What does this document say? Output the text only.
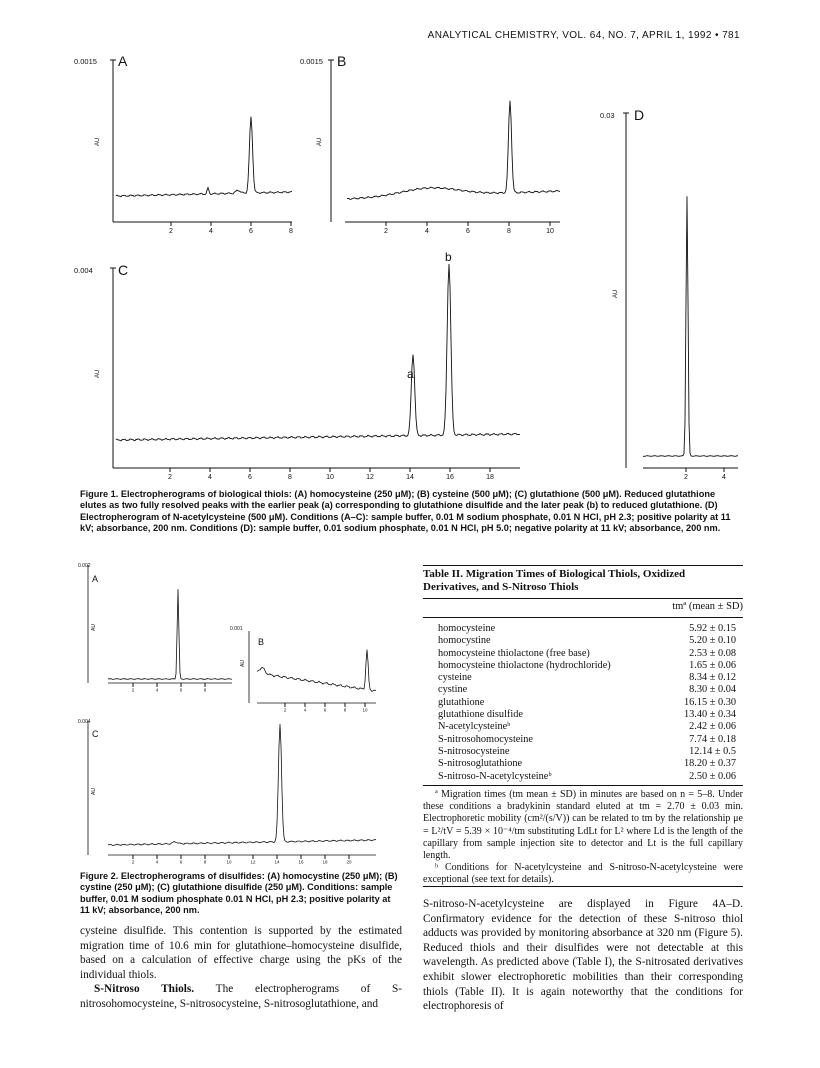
ANALYTICAL CHEMISTRY, VOL. 64, NO. 7, APRIL 1, 1992 • 781
0.0015 A
AU
2	4	6	8
0.0015 B
AU
2	4	6	8	10
0.004 C
AU
2	4	6	8	10	12	14	16	18
a
b
0.03 D
AU
2	4
Figure 1. Electropherograms of biological thiols: (A) homocysteine (250 μM); (B) cysteine (500 μM); (C) glutathione (500 μM). Reduced glutathione elutes as two fully resolved peaks with the earlier peak (a) corresponding to glutathione disulfide and the later peak (b) to reduced glutathione. (D) Electropherogram of N-acetylcysteine (500 μM). Conditions (A–C): sample buffer, 0.01 M sodium phosphate, 0.01 N HCl, pH 2.3; positive polarity at 11 kV; absorbance, 200 nm. Conditions (D): sample buffer, 0.01 sodium phosphate, 0.01 N HCl, pH 5.0; negative polarity at 11 kV; absorbance, 200 nm.
0.002
A
AU
2	4	6	8
0.001
B
AU
2	4	6	8	10
0.004
C
AU
2	4	6	8	10	12	14	16	18	20
Figure 2. Electropherograms of disulfides: (A) homocystine (250 μM); (B) cystine (250 μM); (C) glutathione disulfide (250 μM). Conditions: sample buffer, 0.01 M sodium phosphate 0.01 N HCl, pH 2.3; positive polarity at 11 kV; absorbance, 200 nm.
cysteine disulfide. This contention is supported by the estimated migration time of 10.6 min for glutathione–homocysteine disulfide, based on a calculation of effective charge using the pKs of the individual thiols.
S-Nitroso Thiols. The electropherograms of S-nitrosohomocysteine, S-nitrosocysteine, S-nitrosoglutathione, and
Table II. Migration Times of Biological Thiols, Oxidized Derivatives, and S-Nitroso Thiols
tmª (mean ± SD)
homocysteine	5.92 ± 0.15
homocystine	5.20 ± 0.10
homocysteine thiolactone (free base)	2.53 ± 0.08
homocysteine thiolactone (hydrochloride)	1.65 ± 0.06
cysteine	8.34 ± 0.12
cystine	8.30 ± 0.04
glutathione	16.15 ± 0.30
glutathione disulfide	13.40 ± 0.34
N-acetylcysteineᵇ	2.42 ± 0.06
S-nitrosohomocysteine	7.74 ± 0.18
S-nitrosocysteine	12.14 ± 0.5
S-nitrosoglutathione	18.20 ± 0.37
S-nitroso-N-acetylcysteineᵇ	2.50 ± 0.06
ª Migration times (tm mean ± SD) in minutes are based on n = 5–8. Under these conditions a bradykinin standard eluted at tm = 2.70 ± 0.03 min. Electrophoretic mobility (cm²/(s/V)) can be related to tm by the relationship μe = L²/tV = 5.39 × 10⁻⁴/tm substituting LdLt for L² where Ld is the length of the capillary from sample injection site to detector and Lt is the full capillary length.
ᵇ Conditions for N-acetylcysteine and S-nitroso-N-acetylcysteine were exceptional (see text for details).
S-nitroso-N-acetylcysteine are displayed in Figure 4A–D. Confirmatory evidence for the detection of these S-nitroso thiol adducts was provided by monitoring absorbance at 320 nm (Figure 5). Reduced thiols and their disulfides were not detectable at this wavelength. As predicted above (Table I), the S-nitrosated derivatives exhibit slower electrophoretic mobilities than their corresponding thiols (Table II). It is again noteworthy that the conditions for electrophoresis of
